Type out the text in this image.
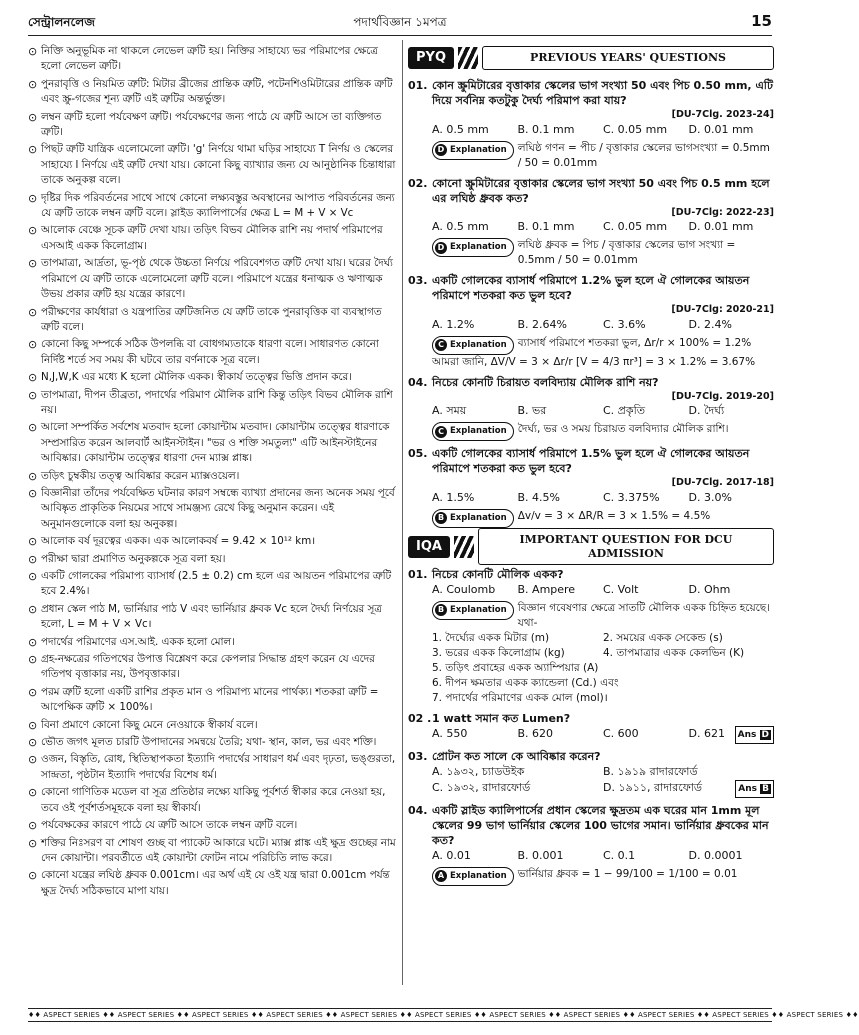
সেন্ট্রালনলেজ	পদার্থবিজ্ঞান ১মপত্র	15
⊙ নিক্তি অনুভূমিক না থাকলে লেভেল ত্রুটি হয়। নিক্তির সাহায্যে ভর পরিমাপের ক্ষেত্রে হলো লেভেল ত্রুটি।
⊙ পুনরাবৃত্তি ও নিয়মিত ত্রুটি: মিটার ব্রীজের প্রান্তিক ত্রুটি, পটেনশিওমিটারের প্রান্তিক ত্রুটি এবং স্ক্রু-গজের শূন্য ত্রুটি এই ত্রুটির অন্তর্ভুক্ত।
⊙ লম্বন ত্রুটি হলো পর্যবেক্ষণ ত্রুটি। পর্যবেক্ষণের জন্য পাঠে যে ত্রুটি আসে তা ব্যক্তিগত ত্রুটি।
⊙ পিছট ত্রুটি যান্ত্রিক এলোমেলো ত্রুটি। 'g' নির্ণয়ে থামা ঘড়ির সাহায্যে T নির্ণয় ও স্কেলের সাহায্যে l নির্ণয়ে এই ত্রুটি দেখা যায়। কোনো কিছু ব্যাখ্যার জন্য যে আনুষ্ঠানিক চিন্তাধারা তাকে অনুকল্প বলে।
⊙ দৃষ্টির দিক পরিবর্তনের সাথে সাথে কোনো লক্ষ্যবস্তুর অবস্থানের আপাত পরিবর্তনের জন্য যে ত্রুটি তাকে লম্বন ত্রুটি বলে। স্লাইড ক্যালিপার্সের ক্ষেত্র L = M + V × Vc
⊙ আলোক বেঞ্চে সূচক ত্রুটি দেখা যায়। তড়িৎ বিভব মৌলিক রাশি নয় পদার্থ পরিমাপের এসআই একক কিলোগ্রাম।
⊙ তাপমাত্রা, আর্দ্রতা, ভূ-পৃষ্ঠ থেকে উচ্চতা নির্ণয়ে পরিবেশগত ত্রুটি দেখা যায়। ঘরের দৈর্ঘ্য পরিমাপে যে ত্রুটি তাকে এলোমেলো ত্রুটি বলে। পরিমাপে যন্ত্রের ধনাত্মক ও ঋণাত্মক উভয় প্রকার ত্রুটি হয় যন্ত্রের কারণে।
⊙ পরীক্ষণের কার্যধারা ও যন্ত্রপাতির ত্রুটিজনিত যে ত্রুটি তাকে পুনরাবৃত্তিক বা ব্যবস্থাগত ত্রুটি বলে।
⊙ কোনো কিছু সম্পর্কে সঠিক উপলব্ধি বা বোধগম্যতাকে ধারণা বলে। সাধারণত কোনো নির্দিষ্ট শর্তে সব সময় কী ঘটবে তার বর্ণনাকে সূত্র বলে।
⊙ N,J,W,K এর মধ্যে K হলো মৌলিক একক। স্বীকার্য তত্ত্বের ভিত্তি প্রদান করে।
⊙ তাপমাত্রা, দীপন তীব্রতা, পদার্থের পরিমাণ মৌলিক রাশি কিন্তু তড়িৎ বিভব মৌলিক রাশি নয়।
⊙ আলো সম্পর্কিত সর্বশেষ মতবাদ হলো কোয়ান্টাম মতবাদ। কোয়ান্টাম তত্ত্বের ধারণাকে সম্প্রসারিত করেন আলবার্ট আইনস্টাইন। "ভর ও শক্তি সমতুল্য" এটি আইনস্টাইনের আবিষ্কার। কোয়ান্টাম তত্ত্বের ধারণা দেন ম্যাক্স প্লাঙ্ক।
⊙ তড়িৎ চুম্বকীয় তত্ত্ব আবিষ্কার করেন ম্যাক্সওয়েল।
⊙ বিজ্ঞানীরা তাঁদের পর্যবেক্ষিত ঘটনার কারণ সম্বন্ধে ব্যাখ্যা প্রদানের জন্য অনেক সময় পূর্বে আবিষ্কৃত প্রাকৃতিক নিয়মের সাথে সামঞ্জস্য রেখে কিছু অনুমান করেন। এই অনুমানগুলোকে বলা হয় অনুকল্প।
⊙ আলোক বর্ষ দূরত্বের একক। এক আলোকবর্ষ = 9.42 × 10¹² km।
⊙ পরীক্ষা দ্বারা প্রমাণিত অনুকল্পকে সূত্র বলা হয়।
⊙ একটি গোলকের পরিমাপ্য ব্যাসার্ধ (2.5 ± 0.2) cm হলে এর আয়তন পরিমাপের ত্রুটি হবে 2.4%।
⊙ প্রধান স্কেল পাঠ M, ভার্নিয়ার পাঠ V এবং ভার্নিয়ার ধ্রুবক Vc হলে দৈর্ঘ্য নির্ণয়ের সূত্র হলো, L = M + V × Vc।
⊙ পদার্থের পরিমাণের এস.আই. একক হলো মোল।
⊙ গ্রহ-নক্ষত্রের গতিপথের উপাত্ত বিশ্লেষণ করে কেপলার সিদ্ধান্ত গ্রহণ করেন যে এদের গতিপথ বৃত্তাকার নয়, উপবৃত্তাকার।
⊙ পরম ত্রুটি হলো একটি রাশির প্রকৃত মান ও পরিমাপ্য মানের পার্থক্য। শতকরা ত্রুটি = আপেক্ষিক ত্রুটি × 100%।
⊙ বিনা প্রমাণে কোনো কিছু মেনে নেওয়াকে স্বীকার্য বলে।
⊙ ভৌত জগৎ মূলত চারটি উপাদানের সমন্বয়ে তৈরি; যথা- স্থান, কাল, ভর এবং শক্তি।
⊙ ওজন, বিস্তৃতি, রোধ, স্থিতিস্থাপকতা ইত্যাদি পদার্থের সাধারণ ধর্ম এবং দৃঢ়তা, ভঙ্গুরতা, সান্দ্রতা, পৃষ্ঠটান ইত্যাদি পদার্থের বিশেষ ধর্ম।
⊙ কোনো গাণিতিক মডেল বা সূত্র প্রতিষ্ঠার লক্ষ্যে যাকিছু পূর্বশর্ত স্বীকার করে নেওয়া হয়, তবে ওই পূর্বশর্তসমূহকে বলা হয় স্বীকার্য।
⊙ পর্যবেক্ষকের কারণে পাঠে যে ত্রুটি আসে তাকে লম্বন ত্রুটি বলে।
⊙ শক্তির নিঃসরণ বা শোষণ গুচ্ছ বা প্যাকেট আকারে ঘটে। ম্যাক্স প্লাঙ্ক এই ক্ষুদ্র গুচ্ছের নাম দেন কোয়ান্টা। পরবর্তীতে এই কোয়ান্টা ফোটন নামে পরিচিতি লাভ করে।
⊙ কোনো যন্ত্রের লঘিষ্ঠ ধ্রুবক 0.001cm। এর অর্থ এই যে ওই যন্ত্র দ্বারা 0.001cm পর্যন্ত ক্ষুদ্র দৈর্ঘ্য সঠিকভাবে মাপা যায়।
PYQ	PREVIOUS YEARS' QUESTIONS
01. কোন স্ক্রুমিটারের বৃত্তাকার স্কেলের ভাগ সংখ্যা 50 এবং পিচ 0.50 mm, এটি দিয়ে সর্বনিম্ন কতটুকু দৈর্ঘ্য পরিমাপ করা যায়?
[DU-7Clg. 2023-24]
A. 0.5 mm	B. 0.1 mm	C. 0.05 mm	D. 0.01 mm
D Explanation লঘিষ্ঠ গণন = পীচ / বৃত্তাকার স্কেলের ভাগসংখ্যা = 0.5mm / 50 = 0.01mm
02. কোনো স্ক্রুমিটারের বৃত্তাকার স্কেলের ভাগ সংখ্যা 50 এবং পিচ 0.5 mm হলে এর লঘিষ্ঠ ধ্রুবক কত?
[DU-7Clg: 2022-23]
A. 0.5 mm	B. 0.1 mm	C. 0.05 mm	D. 0.01 mm
D Explanation লঘিষ্ঠ ধ্রুবক = পিচ / বৃত্তাকার স্কেলের ভাগ সংখ্যা = 0.5mm / 50 = 0.01mm
03. একটি গোলকের ব্যাসার্ধ পরিমাপে 1.2% ভুল হলে ঐ গোলকের আয়তন পরিমাপে শতকরা কত ভুল হবে?
[DU-7Clg: 2020-21]
A. 1.2%	B. 2.64%	C. 3.6%	D. 2.4%
C Explanation ব্যাসার্ধ পরিমাপে শতকরা ভুল, Δr/r × 100% = 1.2%
আমরা জানি, ΔV/V = 3 × Δr/r [V = 4/3 πr³] = 3 × 1.2% = 3.67%
04. নিচের কোনটি চিরায়ত বলবিদ্যায় মৌলিক রাশি নয়?
[DU-7Clg. 2019-20]
A. সময়	B. ভর	C. প্রকৃতি	D. দৈর্ঘ্য
C Explanation দৈর্ঘ্য, ভর ও সময় চিরায়ত বলবিদ্যার মৌলিক রাশি।
05. একটি গোলকের ব্যাসার্ধ পরিমাপে 1.5% ভুল হলে ঐ গোলকের আয়তন পরিমাপে শতকরা কত ভুল হবে?
[DU-7Clg. 2017-18]
A. 1.5%	B. 4.5%	C. 3.375%	D. 3.0%
B Explanation Δv/v = 3 × ΔR/R = 3 × 1.5% = 4.5%
IQA	IMPORTANT QUESTION FOR DCU ADMISSION
01. নিচের কোনটি মৌলিক একক?
A. Coulomb	B. Ampere	C. Volt	D. Ohm
B Explanation বিজ্ঞান গবেষণার ক্ষেত্রে সাতটি মৌলিক একক চিহ্নিত হয়েছে। যথা-
1. দৈর্ঘ্যের একক মিটার (m)	2. সময়ের একক সেকেন্ড (s)
3. ভরের একক কিলোগ্রাম (kg)	4. তাপমাত্রার একক কেলভিন (K)
5. তড়িৎ প্রবাহের একক অ্যাম্পিয়ার (A)
6. দীপন ক্ষমতার একক ক্যান্ডেলা (Cd.) এবং
7. পদার্থের পরিমাণের একক মোল (mol)।
02 . 1 watt সমান কত Lumen?
A. 550	B. 620	C. 600	D. 621	Ans D
03. প্রোটন কত সালে কে আবিষ্কার করেন?
A. ১৯৩২, চ্যাডউইক	B. ১৯১৯ রাদারফোর্ড
C. ১৯৩২, রাদারফোর্ড	D. ১৯১১, রাদারফোর্ড	Ans B
04. একটি স্লাইড ক্যালিপার্সের প্রধান স্কেলের ক্ষুদ্রতম এক ঘরের মান 1mm মূল স্কেলের 99 ভাগ ভার্নিয়ার স্কেলের 100 ভাগের সমান। ভার্নিয়ার ধ্রুবকের মান কত?
A. 0.01	B. 0.001	C. 0.1	D. 0.0001
A Explanation ভার্নিয়ার ধ্রুবক = 1 − 99/100 = 1/100 = 0.01
♦♦ ASPECT SERIES ♦♦ ASPECT SERIES ♦♦ ASPECT SERIES ♦♦ ASPECT SERIES ♦♦ ASPECT SERIES ♦♦ ASPECT SERIES ♦♦ ASPECT SERIES ♦♦ ASPECT SERIES ♦♦ ASPECT SERIES ♦♦ ASPECT SERIES ♦♦ ASPECT SERIES ♦♦
